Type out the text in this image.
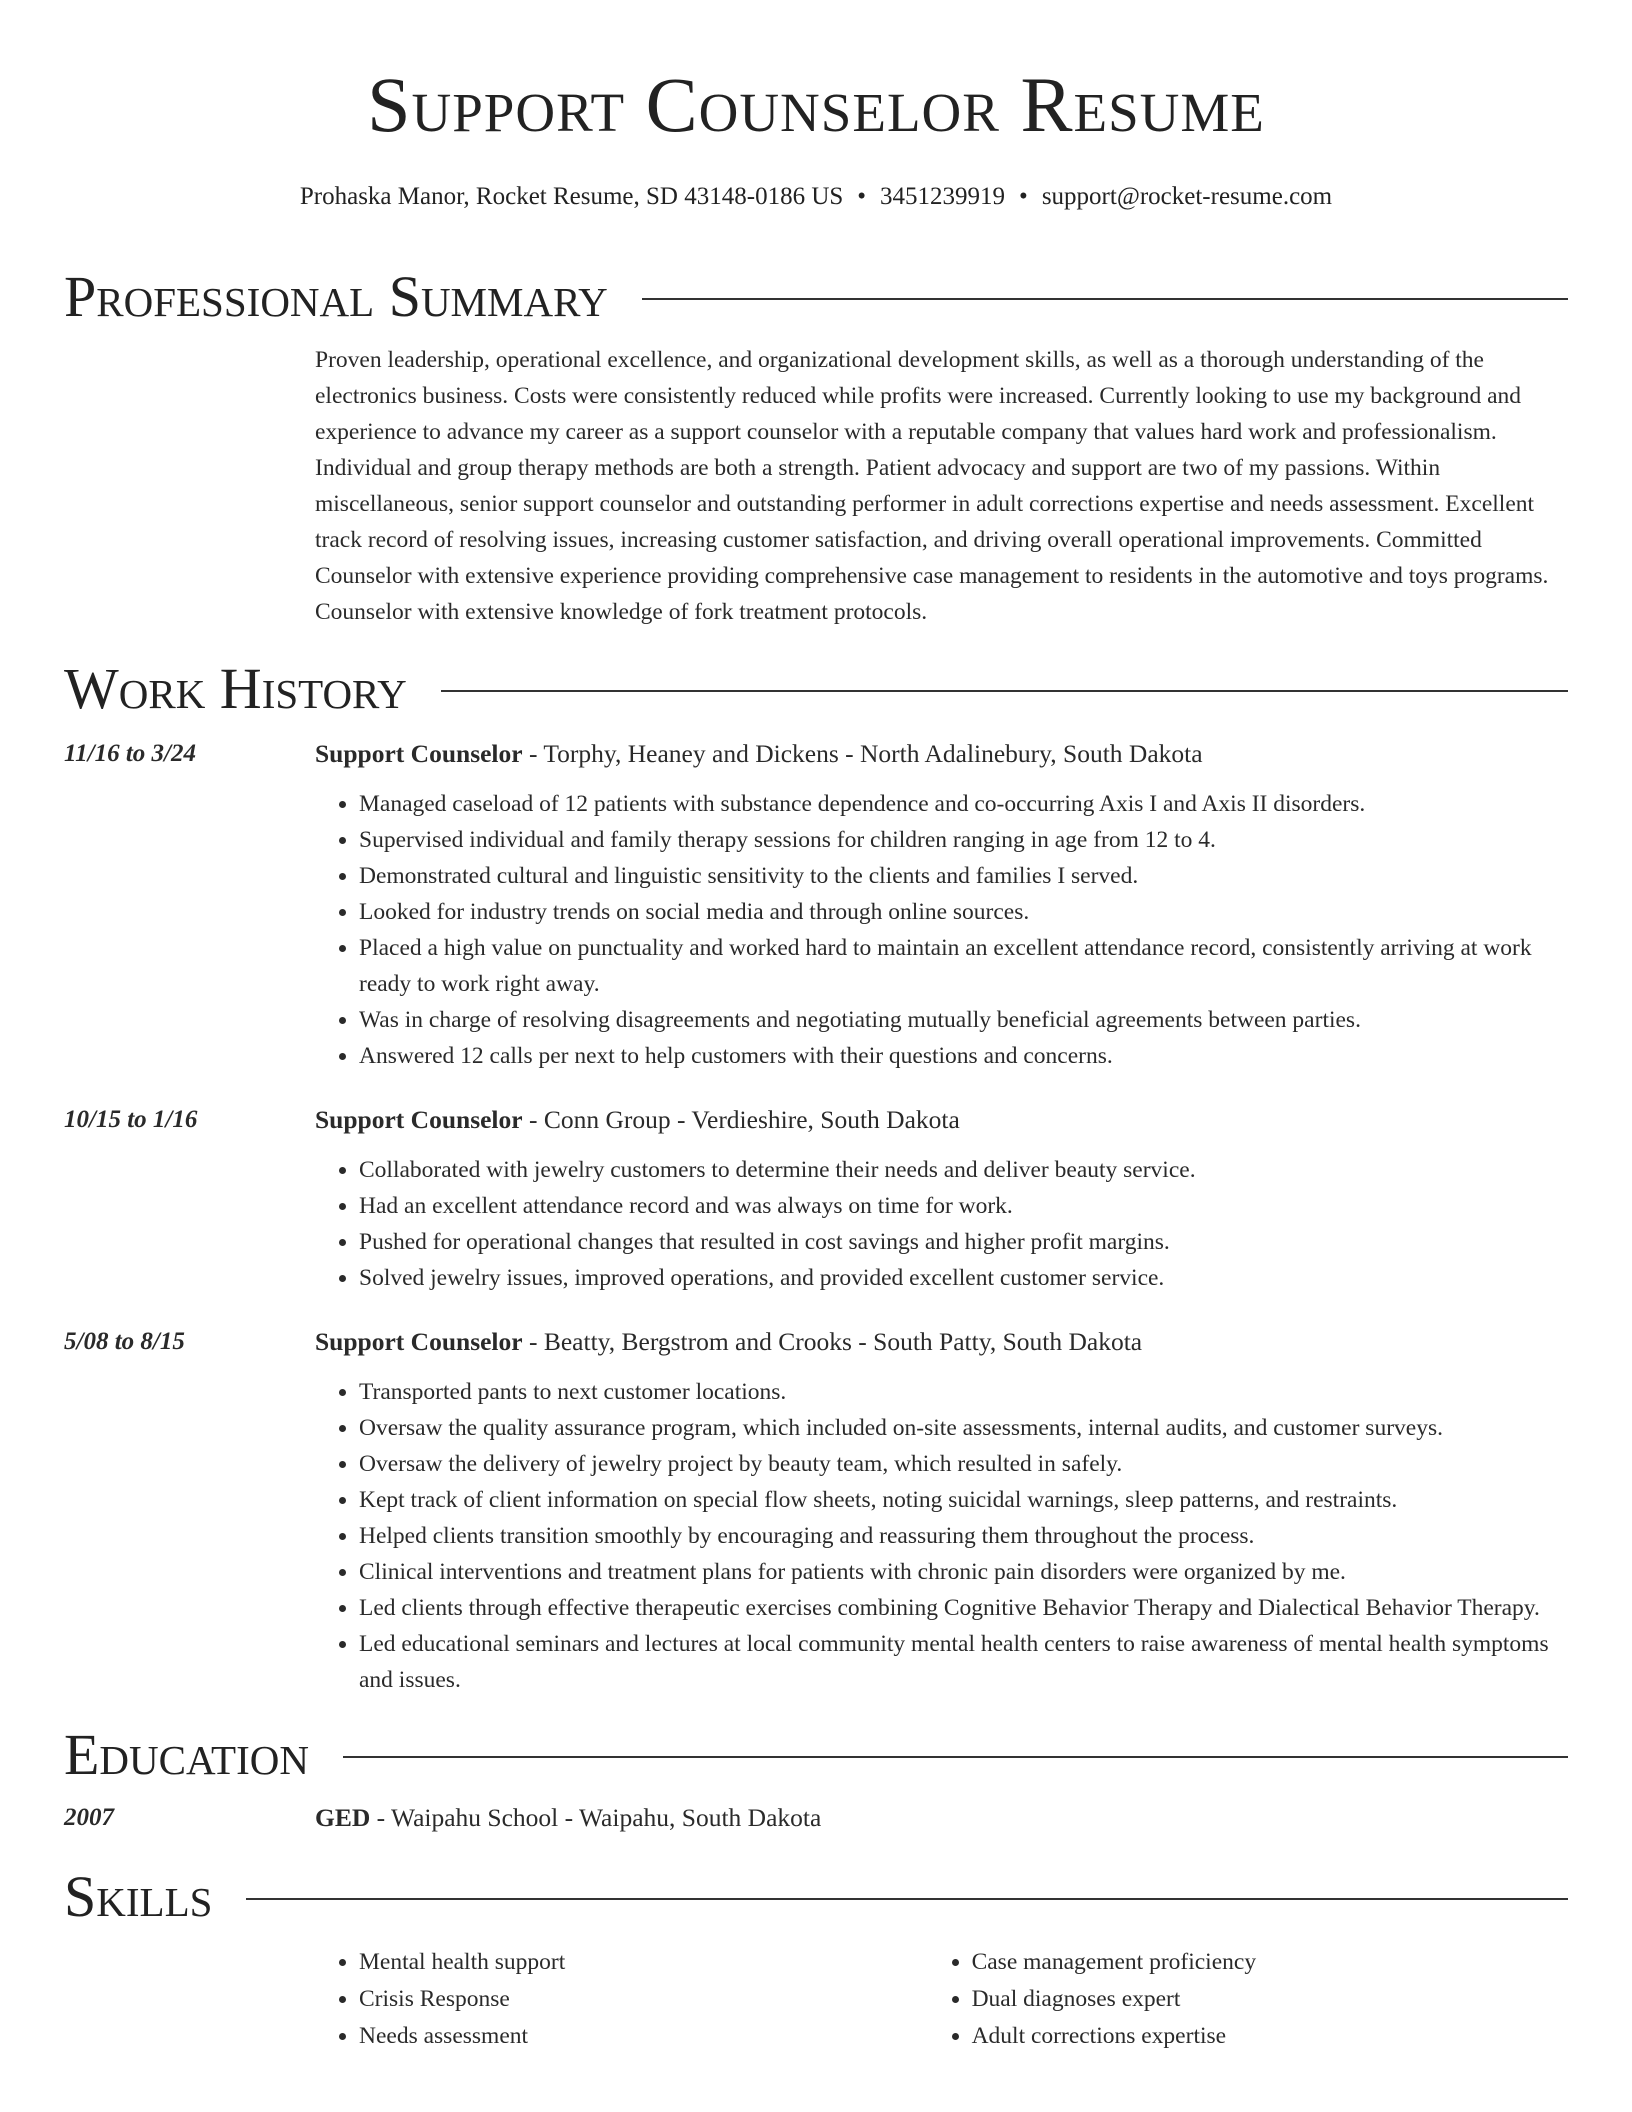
Support Counselor Resume
Prohaska Manor, Rocket Resume, SD 43148-0186 US • 3451239919 • support@rocket-resume.com
Professional Summary
Proven leadership, operational excellence, and organizational development skills, as well as a thorough understanding of the electronics business. Costs were consistently reduced while profits were increased. Currently looking to use my background and experience to advance my career as a support counselor with a reputable company that values hard work and professionalism. Individual and group therapy methods are both a strength. Patient advocacy and support are two of my passions. Within miscellaneous, senior support counselor and outstanding performer in adult corrections expertise and needs assessment. Excellent track record of resolving issues, increasing customer satisfaction, and driving overall operational improvements. Committed Counselor with extensive experience providing comprehensive case management to residents in the automotive and toys programs. Counselor with extensive knowledge of fork treatment protocols.
Work History
11/16 to 3/24	Support Counselor - Torphy, Heaney and Dickens - North Adalinebury, South Dakota
• Managed caseload of 12 patients with substance dependence and co-occurring Axis I and Axis II disorders.
• Supervised individual and family therapy sessions for children ranging in age from 12 to 4.
• Demonstrated cultural and linguistic sensitivity to the clients and families I served.
• Looked for industry trends on social media and through online sources.
• Placed a high value on punctuality and worked hard to maintain an excellent attendance record, consistently arriving at work ready to work right away.
• Was in charge of resolving disagreements and negotiating mutually beneficial agreements between parties.
• Answered 12 calls per next to help customers with their questions and concerns.
10/15 to 1/16	Support Counselor - Conn Group - Verdieshire, South Dakota
• Collaborated with jewelry customers to determine their needs and deliver beauty service.
• Had an excellent attendance record and was always on time for work.
• Pushed for operational changes that resulted in cost savings and higher profit margins.
• Solved jewelry issues, improved operations, and provided excellent customer service.
5/08 to 8/15	Support Counselor - Beatty, Bergstrom and Crooks - South Patty, South Dakota
• Transported pants to next customer locations.
• Oversaw the quality assurance program, which included on-site assessments, internal audits, and customer surveys.
• Oversaw the delivery of jewelry project by beauty team, which resulted in safely.
• Kept track of client information on special flow sheets, noting suicidal warnings, sleep patterns, and restraints.
• Helped clients transition smoothly by encouraging and reassuring them throughout the process.
• Clinical interventions and treatment plans for patients with chronic pain disorders were organized by me.
• Led clients through effective therapeutic exercises combining Cognitive Behavior Therapy and Dialectical Behavior Therapy.
• Led educational seminars and lectures at local community mental health centers to raise awareness of mental health symptoms and issues.
Education
2007	GED - Waipahu School - Waipahu, South Dakota
Skills
• Mental health support
• Crisis Response
• Needs assessment
• Case management proficiency
• Dual diagnoses expert
• Adult corrections expertise
